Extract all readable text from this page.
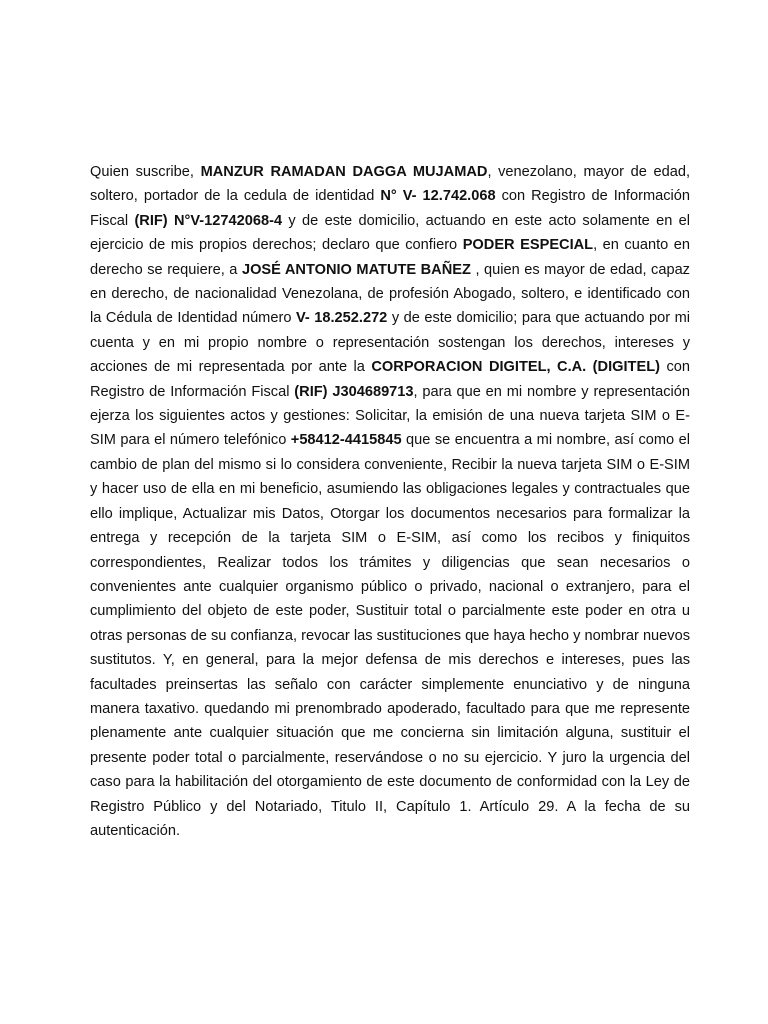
Quien suscribe, MANZUR RAMADAN DAGGA MUJAMAD, venezolano, mayor de edad, soltero, portador de la cedula de identidad N° V- 12.742.068 con Registro de Información Fiscal (RIF) N°V-12742068-4 y de este domicilio, actuando en este acto solamente en el ejercicio de mis propios derechos; declaro que confiero PODER ESPECIAL, en cuanto en derecho se requiere, a JOSÉ ANTONIO MATUTE BAÑEZ , quien es mayor de edad, capaz en derecho, de nacionalidad Venezolana, de profesión Abogado, soltero, e identificado con la Cédula de Identidad número V- 18.252.272 y de este domicilio; para que actuando por mi cuenta y en mi propio nombre o representación sostengan los derechos, intereses y acciones de mi representada por ante la CORPORACION DIGITEL, C.A. (DIGITEL) con Registro de Información Fiscal (RIF) J304689713, para que en mi nombre y representación ejerza los siguientes actos y gestiones: Solicitar, la emisión de una nueva tarjeta SIM o E-SIM para el número telefónico +58412-4415845 que se encuentra a mi nombre, así como el cambio de plan del mismo si lo considera conveniente, Recibir la nueva tarjeta SIM o E-SIM y hacer uso de ella en mi beneficio, asumiendo las obligaciones legales y contractuales que ello implique, Actualizar mis Datos, Otorgar los documentos necesarios para formalizar la entrega y recepción de la tarjeta SIM o E-SIM, así como los recibos y finiquitos correspondientes, Realizar todos los trámites y diligencias que sean necesarios o convenientes ante cualquier organismo público o privado, nacional o extranjero, para el cumplimiento del objeto de este poder, Sustituir total o parcialmente este poder en otra u otras personas de su confianza, revocar las sustituciones que haya hecho y nombrar nuevos sustitutos. Y, en general, para la mejor defensa de mis derechos e intereses, pues las facultades preinsertas las señalo con carácter simplemente enunciativo y de ninguna manera taxativo. quedando mi prenombrado apoderado, facultado para que me represente plenamente ante cualquier situación que me concierna sin limitación alguna, sustituir el presente poder total o parcialmente, reservándose o no su ejercicio. Y juro la urgencia del caso para la habilitación del otorgamiento de este documento de conformidad con la Ley de Registro Público y del Notariado, Titulo II, Capítulo 1. Artículo 29. A la fecha de su autenticación.
